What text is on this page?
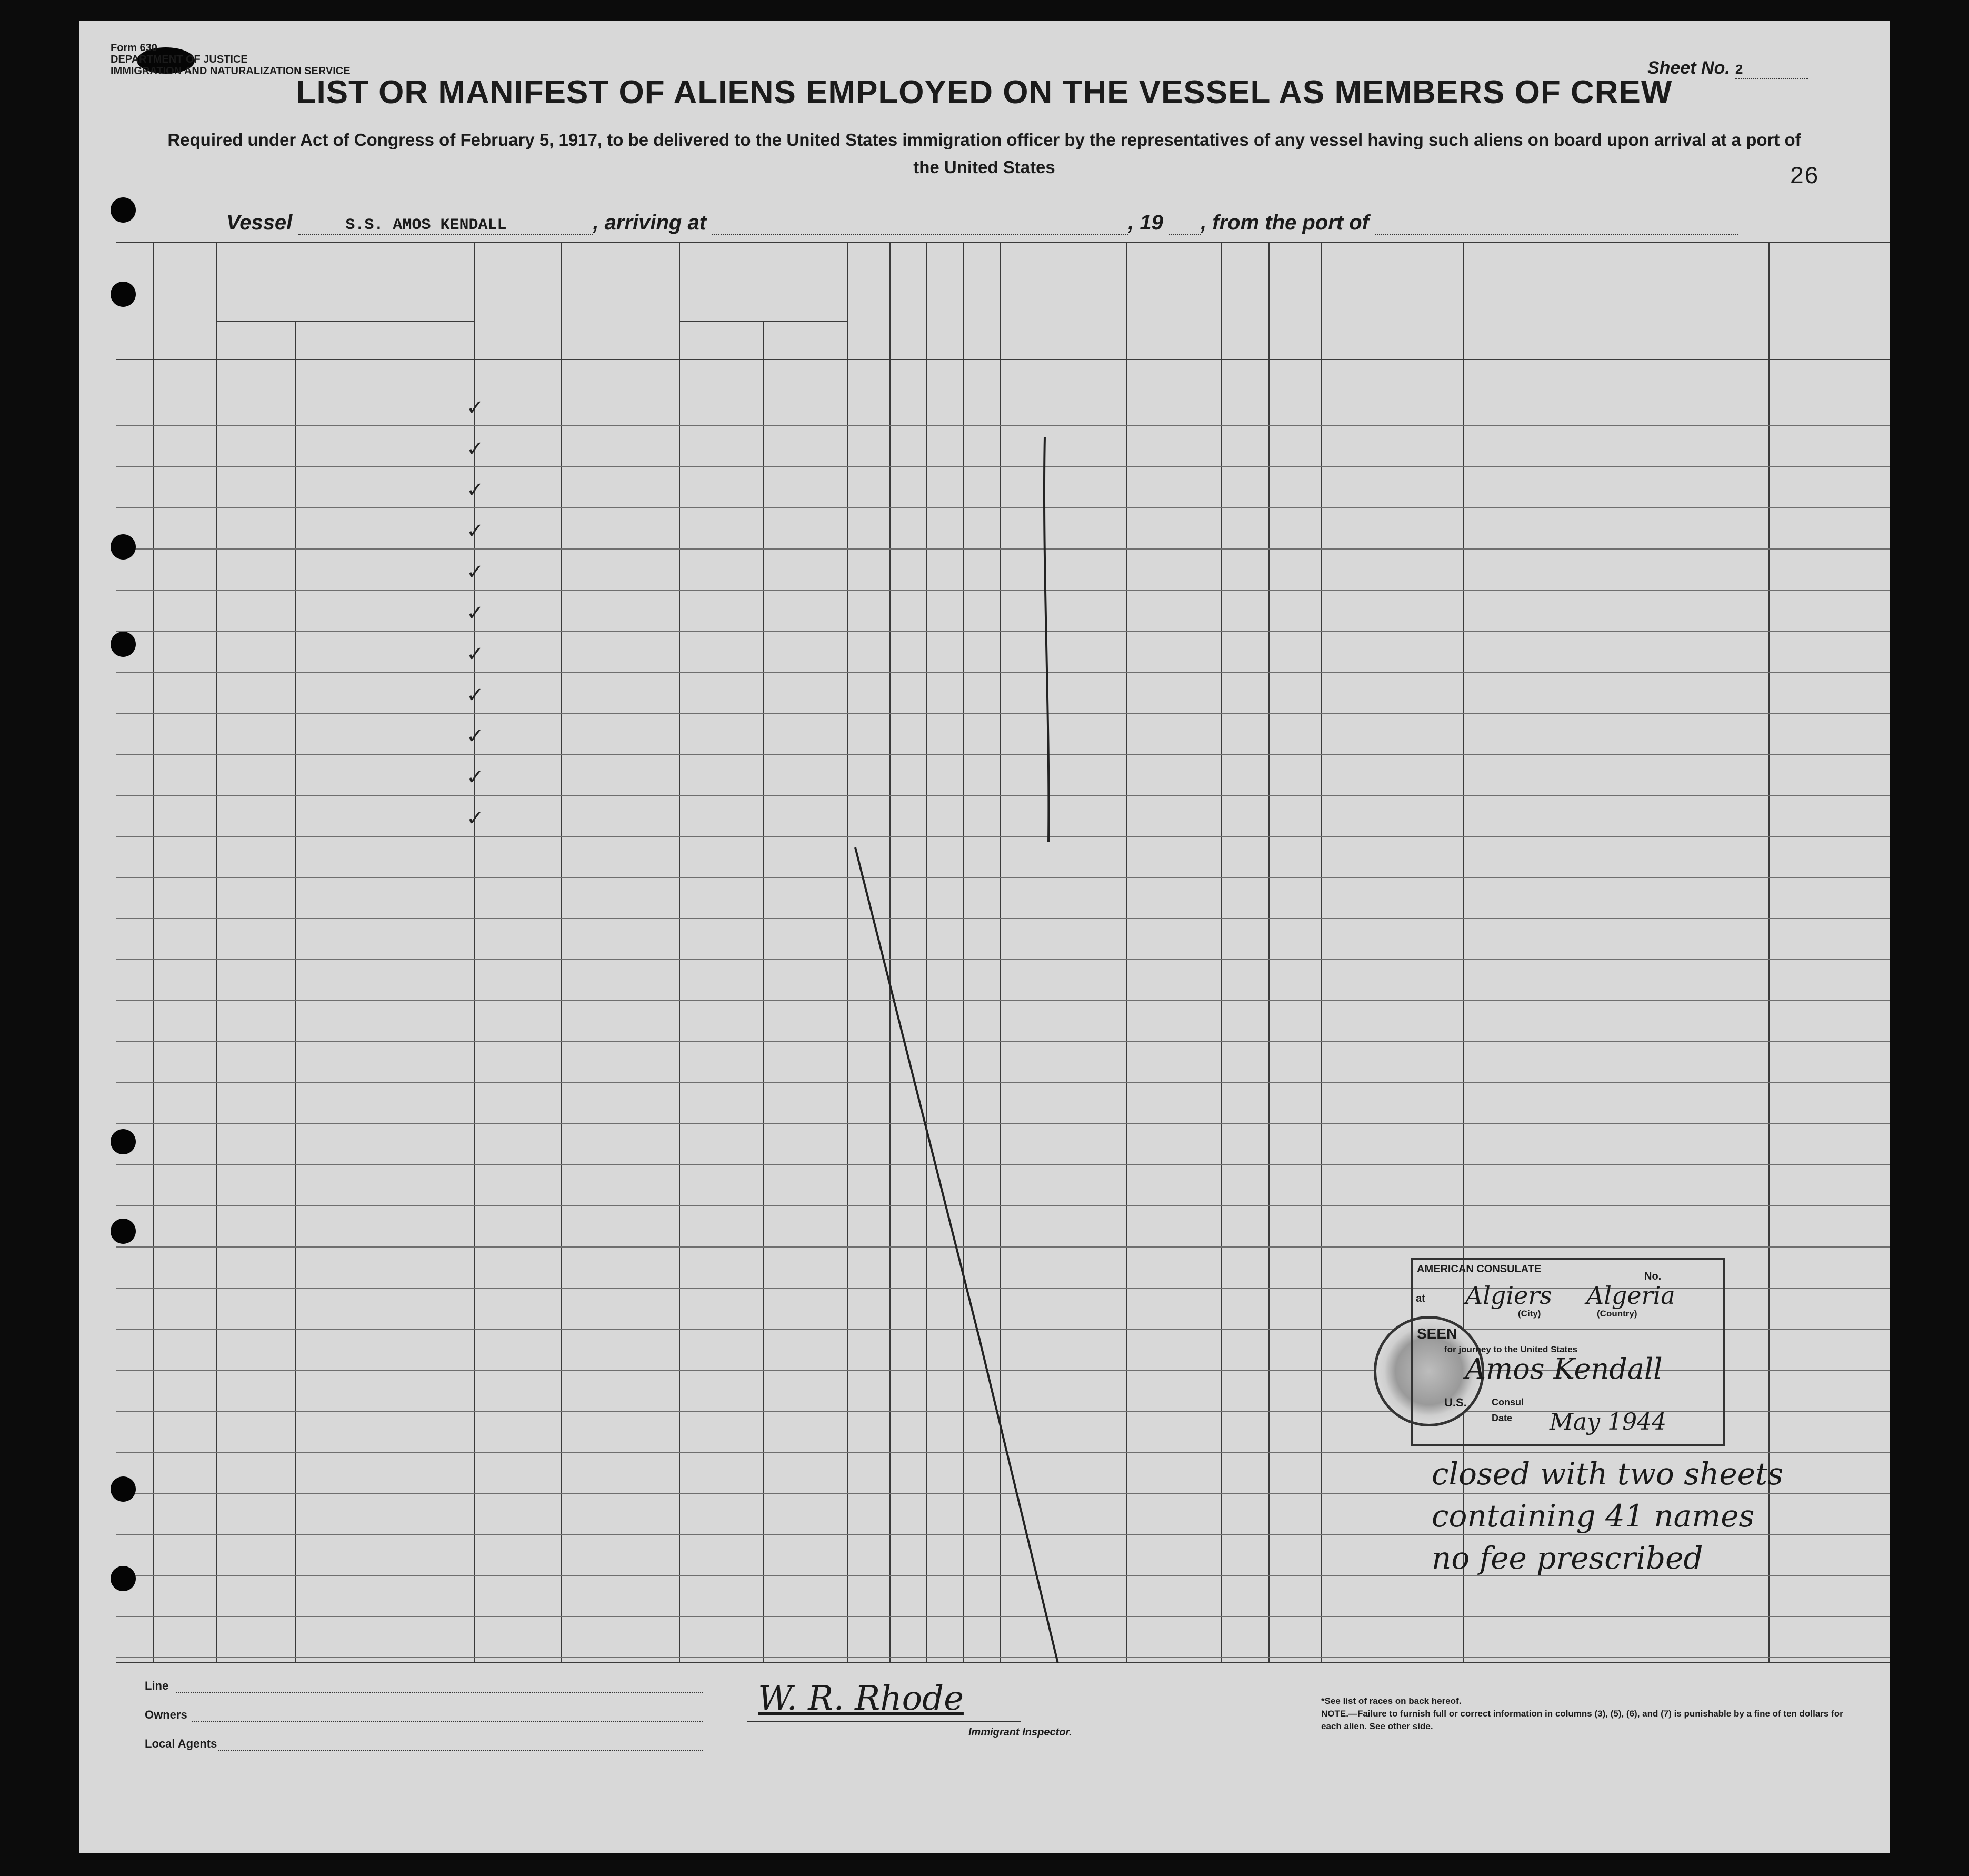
Form 630
DEPARTMENT OF JUSTICE
IMMIGRATION AND NATURALIZATION SERVICE	Sheet No. 2
26
LIST OR MANIFEST OF ALIENS EMPLOYED ON THE VESSEL AS MEMBERS OF CREW
Required under Act of Congress of February 5, 1917, to be delivered to the United States immigration officer by the representatives of any vessel having such aliens on board upon arrival at a port of the United States
Vessel	S.S. AMOS KENDALL	, arriving at	, 19 , from the port of
✓
✓
✓
✓
✓
✓
✓
✓
✓
✓
✓
AMERICAN CONSULATE
No.
at Algiers Algeria
(City)	(Country)
SEEN
for journey to the United States
Amos Kendall
U.S.	Consul
Date May 1944
closed with two sheets
containing 41 names
no fee prescribed
Line
Owners
Local Agents
W. R. Rhode
Immigrant Inspector.
*See list of races on back hereof.
NOTE.—Failure to furnish full or correct information in columns (3), (5), (6), and (7) is punishable by a fine of ten dollars for each alien. See other side.
